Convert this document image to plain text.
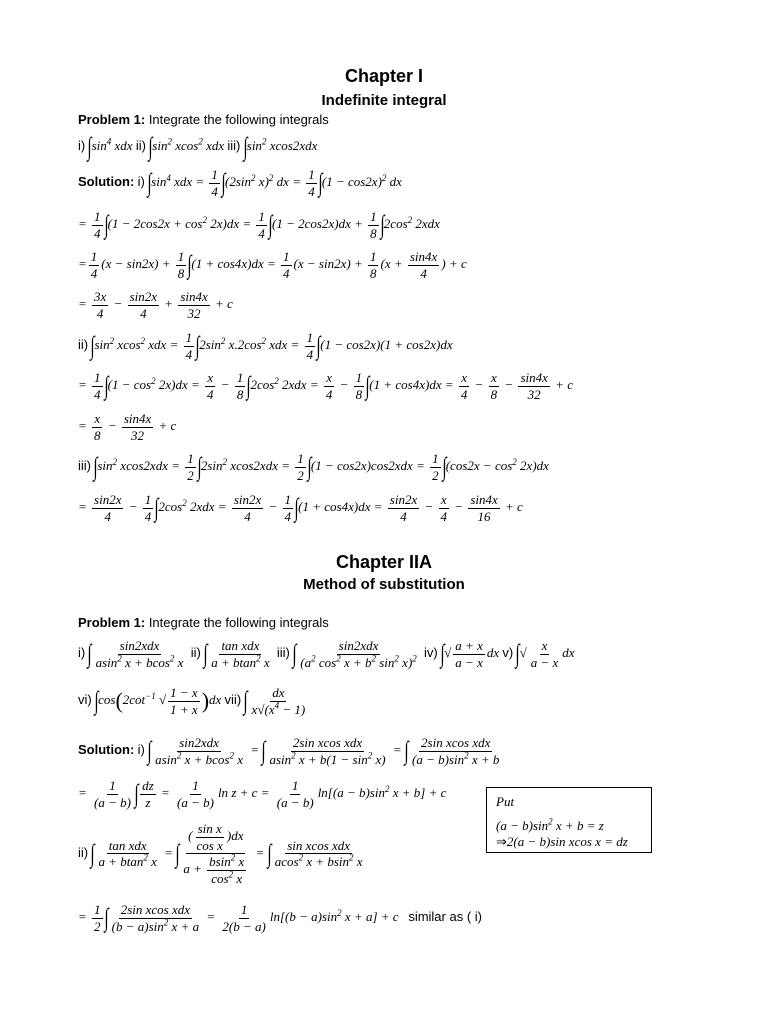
Chapter I
Indefinite integral
Problem 1: Integrate the following integrals
i) $\int\sin^4$ xdx ii) $\int\sin^2$ xcos$^2$ xdx iii) $\int\sin^2$ xcos2xdx
Solution: i) $\int\sin^4$ xdx = $\frac{1}{4} \int(2\sin^2$ x)$^2$ dx = $\frac{1}{4} \int(1 - \cos 2x)^2$ dx
= $\frac{1}{4} \int(1 - 2\cos 2x + \cos^2 2x)dx = \frac{1}{4} \int(1 - 2\cos 2x)dx + \frac{1}{8} \int 2\cos^2$ 2xdx
= $\frac{1}{4} (x - \sin 2x) + \frac{1}{8} \int(1 + \cos 4x)dx = \frac{1}{4} (x - \sin 2x) + \frac{1}{8} (x + \frac{\sin 4x}{4}$ ) + c
= $\frac{3x}{4} - \frac{\sin 2x}{4} + \frac{\sin 4x}{32} + c$
ii) $\int\sin^2$ xcos$^2$ xdx = $\frac{1}{4} \int 2\sin^2$ $x.2\cos^2$ xdx = $\frac{1}{4} \int(1 - \cos 2x)(1 + \cos 2x)dx$
= $\frac{1}{4} \int(1 - \cos^2 2x)dx = \frac{x}{4} - \frac{1}{8} \int 2\cos^2$ $2xdx = \frac{x}{4} - \frac{1}{8} \int(1 + \cos 4x)dx = \frac{x}{4} - \frac{x}{8} - \frac{\sin 4x}{32} + c$
= $\frac{x}{8} - \frac{\sin 4x}{32} + c$
iii) $\int\sin^2$ $xcos2xdx = \frac{1}{2} \int 2\sin^2$ $xcos2xdx = \frac{1}{2} \int(1 - \cos 2x)\cos 2xdx = \frac{1}{2} \int(\cos 2x - \cos^2 2x)dx$
= $\frac{\sin 2x}{4} - \frac{1}{4} \int 2\cos^2$ $2xdx = \frac{\sin 2x}{4} - \frac{1}{4} \int(1 + \cos 4x)dx = \frac{\sin 2x}{4} - \frac{x}{4} - \frac{\sin 4x}{16} + c$
Chapter IIA
Method of substitution
Problem 1: Integrate the following integrals
i) ∫ $\frac{\text{sin2xdx}}{asin^2 x + bcos^2 x} ii$) ∫ $\frac{\text{tan xdx}}{a + btan^2 x} iii$) ∫ $\frac{\text{sin2xdx}}{(a^2 \cos^2 x + b^2 \sin^2 x)^2} iv$) ∫√ $\frac{a + x}{a - x}$ dx v) ∫√ $\frac{x}{a - x}$ dx
vi) $\int\cos(2\cot^{-1}$ √ $\frac{1 - x}{1 + x} )dx$ vii) ∫ $\frac{dx}{x√(x^4 - 1)}$
Solution: i) ∫ $\frac{\text{sin2xdx}}{asin^2 x + bcos^2 x}$ = ∫ $\frac{\text{2sin xcos xdx}}{asin^2 x + b(1 - \sin^2 x)}$ = ∫ $\frac{\text{2sin xcos xdx}}{(a - b)\sin^2 x + b}$
= $\frac{1}{(a - b)}$ ∫ $\frac{dz}{z} = \frac{1}{(a - b)}$ $\ln z + c = \frac{1}{(a - b)} \ln[(a - b)\sin^2$ x + b] + c
Put
$(a - b)\sin^2$ x + b = z
⇒2(a − b)sin xcos x = dz
ii) ∫ $\frac{\text{tan xdx}}{a + btan^2 x}$ = ∫ $\frac{( \frac{\text{sin x}}{\text{cos x}} )dx}{a + \frac{bsin^2 x}{\cos^2 x}}$ = ∫ $\frac{\text{sin xcos xdx}}{acos^2 x + bsin^2 x}$
= $\frac{1}{2}$ ∫ $\frac{\text{2sin xcos xdx}}{(b - a)\sin^2 x + a} = \frac{1}{2(b - a)} \ln[(b - a)\sin^2$ x + a] + c similar as ( i)
